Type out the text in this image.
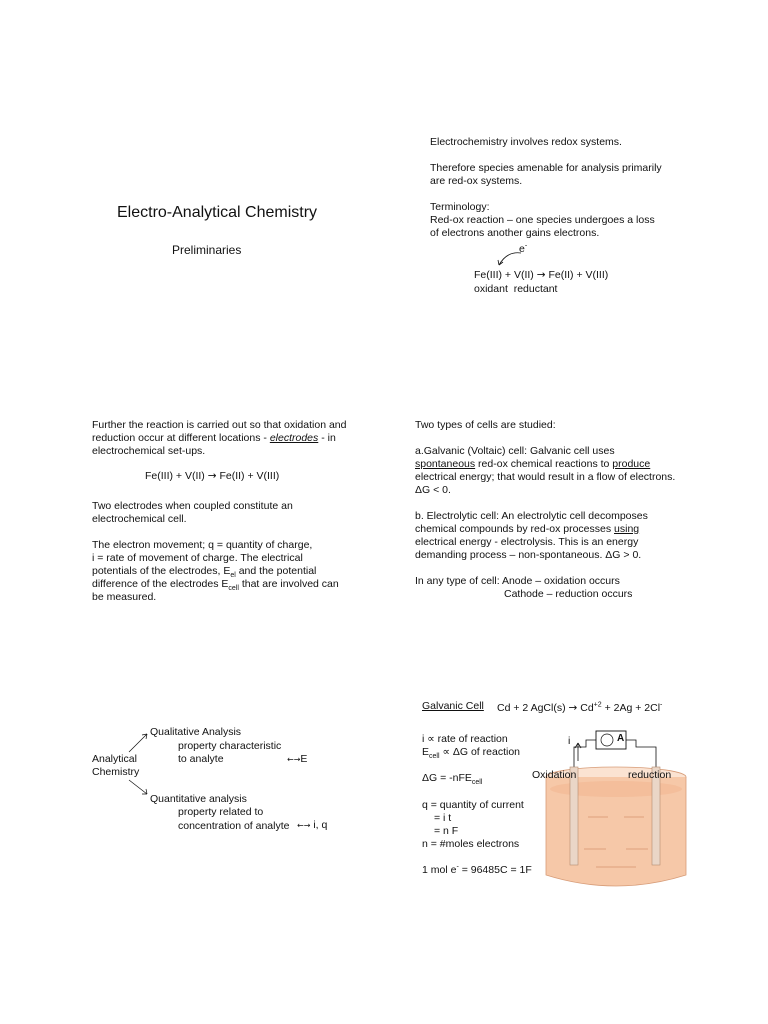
Electro-Analytical Chemistry
Preliminaries

Electrochemistry involves redox systems.

Therefore species amenable for analysis primarily

are red-ox systems.

Terminology:

Red-ox reaction – one species undergoes a loss

of electrons another gains electrons.

e-
Fe(III) + V(II) → Fe(II) + V(III)
oxidant  reductant

Further the reaction is carried out so that oxidation and

reduction occur at different locations - electrodes - in

electrochemical set-ups.

Fe(III) + V(II) → Fe(II) + V(III)

Two electrodes when coupled constitute an

electrochemical cell.

The electron movement; q = quantity of charge,

i = rate of movement of charge. The electrical

potentials of the electrodes, $E_{el}$ and the potential

difference of the electrodes $E_{cell}$ that are involved can

be measured.

Two types of cells are studied:

a.Galvanic (Voltaic) cell: Galvanic cell uses

spontaneous red-ox chemical reactions to produce

electrical energy; that would result in a flow of electrons.

ΔG < 0.

b. Electrolytic cell: An electrolytic cell decomposes

chemical compounds by red-ox processes using

electrical energy - electrolysis. This is an energy

demanding process – non-spontaneous. ΔG > 0.

In any type of cell: Anode – oxidation occurs

Cathode – reduction occurs

Qualitative Analysis
property characteristic
to analyte	←→E
Analytical
Chemistry
Quantitative analysis
property related to
concentration of analyte ←→ i, q
Galvanic Cell Cd + 2 AgCl(s) → $Cd^{+2} + 2Ag + 2Cl^-$

i ∝ rate of reaction

$E_{cell} \propto \Delta G$ of reaction

ΔG = -nFE$_{cell}$

q = quantity of current

= i t

= n F

n = #moles electrons

1 mol e- = 96485C = 1F

i	A
Oxidation	reduction
